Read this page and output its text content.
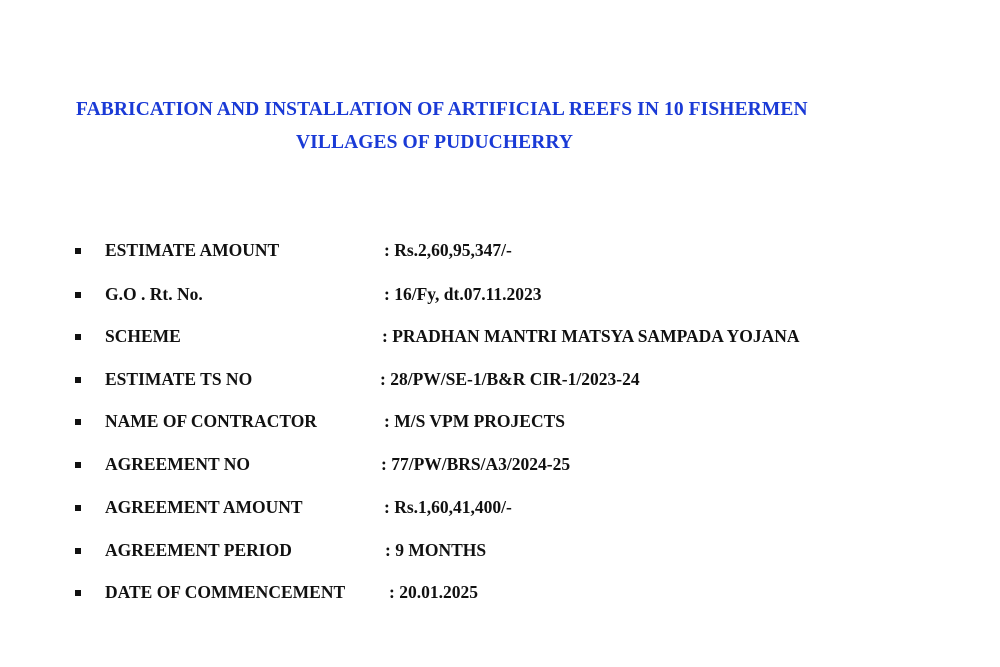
FABRICATION AND INSTALLATION OF ARTIFICIAL REEFS IN 10 FISHERMEN
VILLAGES OF PUDUCHERRY
ESTIMATE AMOUNT	: Rs.2,60,95,347/-
G.O . Rt. No.	: 16/Fy, dt.07.11.2023
SCHEME	: PRADHAN MANTRI MATSYA SAMPADA YOJANA
ESTIMATE TS NO	: 28/PW/SE-1/B&R CIR-1/2023-24
NAME OF CONTRACTOR	: M/S VPM PROJECTS
AGREEMENT NO	: 77/PW/BRS/A3/2024-25
AGREEMENT AMOUNT	: Rs.1,60,41,400/-
AGREEMENT PERIOD	: 9 MONTHS
DATE OF COMMENCEMENT	: 20.01.2025
